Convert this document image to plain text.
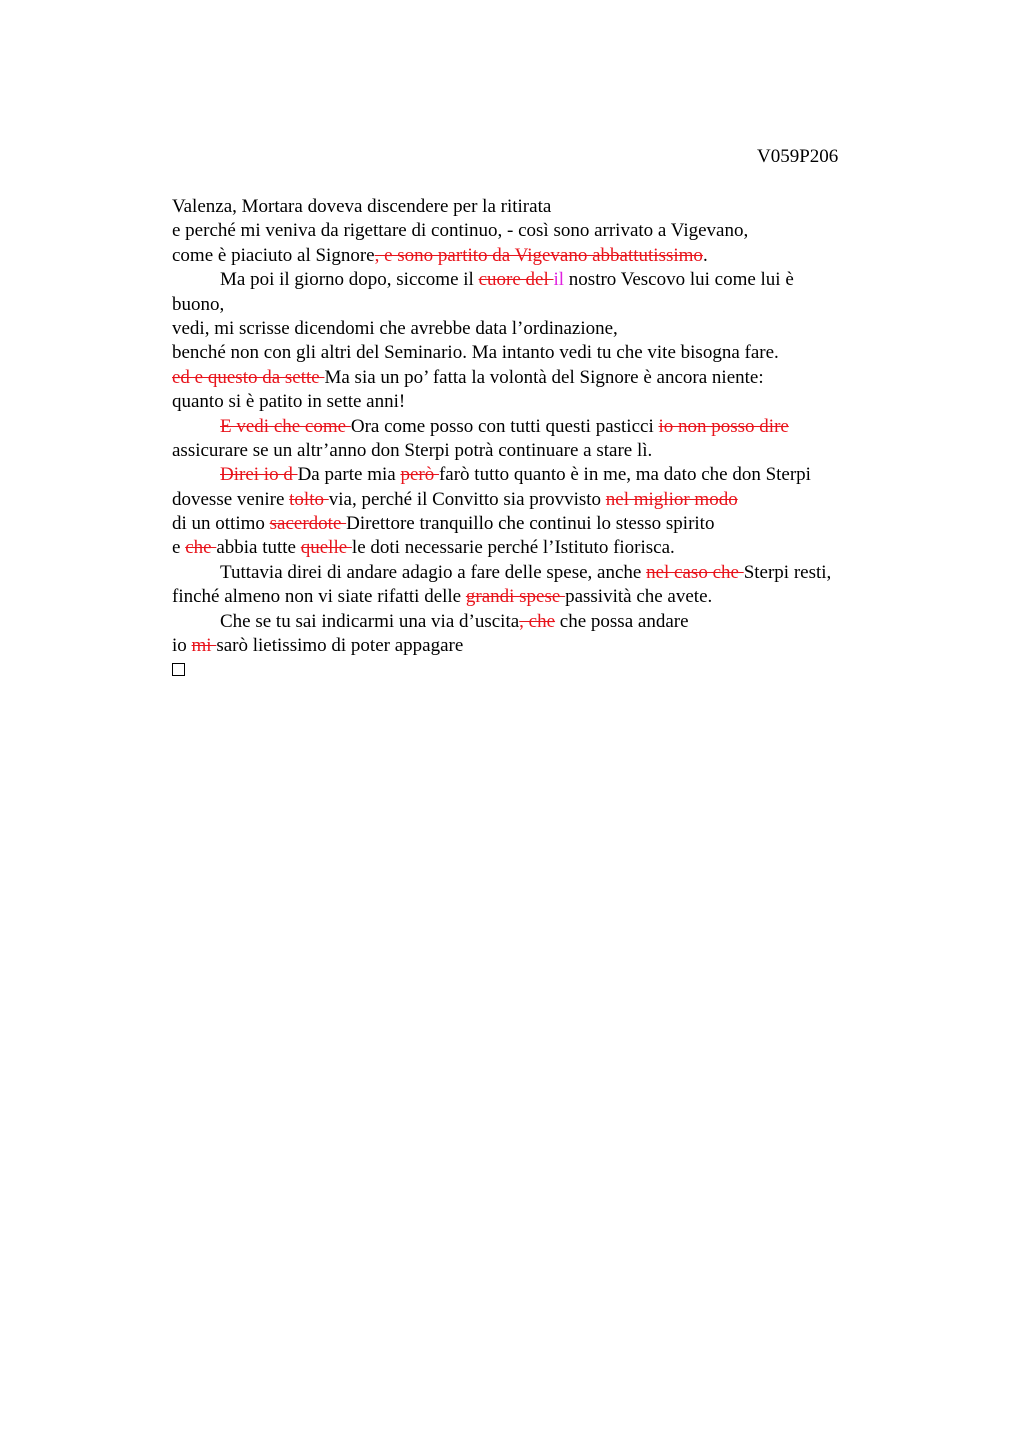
V059P206
Valenza, Mortara doveva discendere per la ritirata
e perché mi veniva da rigettare di continuo, - così sono arrivato a Vigevano,
come è piaciuto al Signore, e sono partito da Vigevano abbattutissimo.
Ma poi il giorno dopo, siccome il cuore del il nostro Vescovo lui come lui è
buono,
vedi, mi scrisse dicendomi che avrebbe data l’ordinazione,
benché non con gli altri del Seminario. Ma intanto vedi tu che vite bisogna fare.
ed e questo da sette Ma sia un po’ fatta la volontà del Signore è ancora niente:
quanto si è patito in sette anni!
E vedi che come Ora come posso con tutti questi pasticci io non posso dire
assicurare se un altr’anno don Sterpi potrà continuare a stare lì.
Direi io d Da parte mia però farò tutto quanto è in me, ma dato che don Sterpi
dovesse venire tolto via, perché il Convitto sia provvisto nel miglior modo
di un ottimo sacerdote Direttore tranquillo che continui lo stesso spirito
e che abbia tutte quelle le doti necessarie perché l’Istituto fiorisca.
Tuttavia direi di andare adagio a fare delle spese, anche nel caso che Sterpi resti,
finché almeno non vi siate rifatti delle grandi spese passività che avete.
Che se tu sai indicarmi una via d’uscita, che che possa andare
io mi sarò lietissimo di poter appagare
